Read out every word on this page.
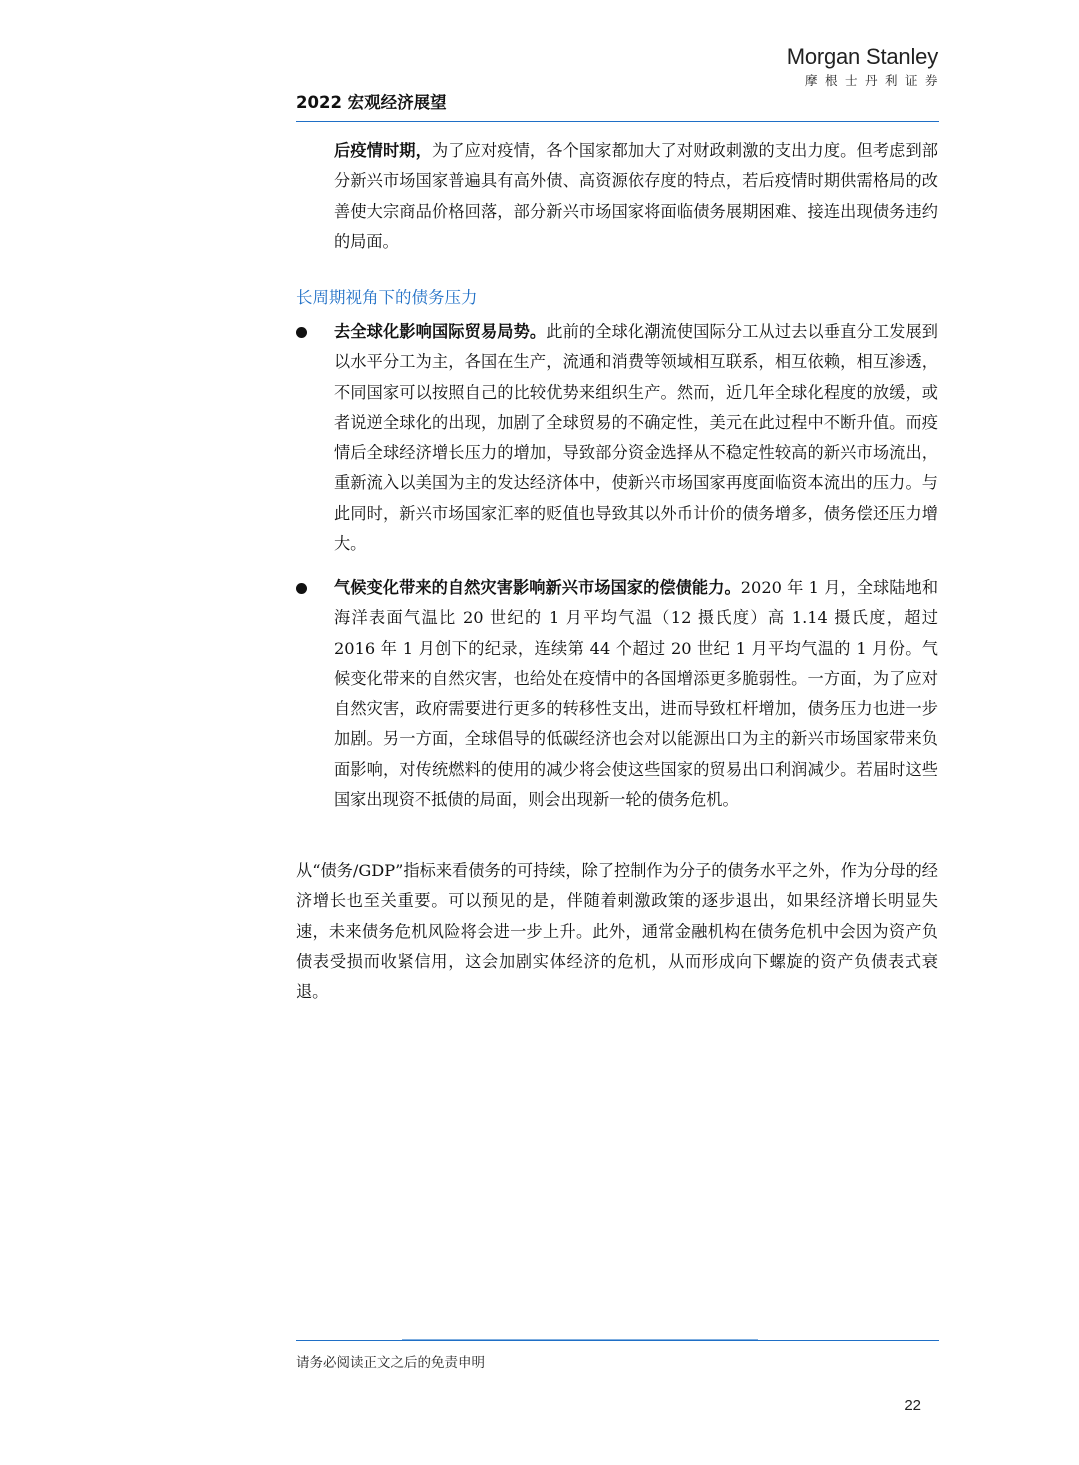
Morgan Stanley
摩根士丹利证券
2022 宏观经济展望

后疫情时期，为了应对疫情，各个国家都加大了对财政刺激的支出力度。但考虑到部分新兴市场国家普遍具有高外债、高资源依存度的特点，若后疫情时期供需格局的改善使大宗商品价格回落，部分新兴市场国家将面临债务展期困难、接连出现债务违约的局面。

长周期视角下的债务压力

去全球化影响国际贸易局势。此前的全球化潮流使国际分工从过去以垂直分工发展到以水平分工为主，各国在生产，流通和消费等领域相互联系，相互依赖，相互渗透，不同国家可以按照自己的比较优势来组织生产。然而，近几年全球化程度的放缓，或者说逆全球化的出现，加剧了全球贸易的不确定性，美元在此过程中不断升值。而疫情后全球经济增长压力的增加，导致部分资金选择从不稳定性较高的新兴市场流出，重新流入以美国为主的发达经济体中，使新兴市场国家再度面临资本流出的压力。与此同时，新兴市场国家汇率的贬值也导致其以外币计价的债务增多，债务偿还压力增大。

气候变化带来的自然灾害影响新兴市场国家的偿债能力。2020 年 1 月，全球陆地和海洋表面气温比 20 世纪的 1 月平均气温（12 摄氏度）高 1.14 摄氏度，超过 2016 年 1 月创下的纪录，连续第 44 个超过 20 世纪 1 月平均气温的 1 月份。气候变化带来的自然灾害，也给处在疫情中的各国增添更多脆弱性。一方面，为了应对自然灾害，政府需要进行更多的转移性支出，进而导致杠杆增加，债务压力也进一步加剧。另一方面，全球倡导的低碳经济也会对以能源出口为主的新兴市场国家带来负面影响，对传统燃料的使用的减少将会使这些国家的贸易出口利润减少。若届时这些国家出现资不抵债的局面，则会出现新一轮的债务危机。

从“债务/GDP”指标来看债务的可持续，除了控制作为分子的债务水平之外，作为分母的经济增长也至关重要。可以预见的是，伴随着刺激政策的逐步退出，如果经济增长明显失速，未来债务危机风险将会进一步上升。此外，通常金融机构在债务危机中会因为资产负债表受损而收紧信用，这会加剧实体经济的危机，从而形成向下螺旋的资产负债表式衰退。

请务必阅读正文之后的免责申明
22
